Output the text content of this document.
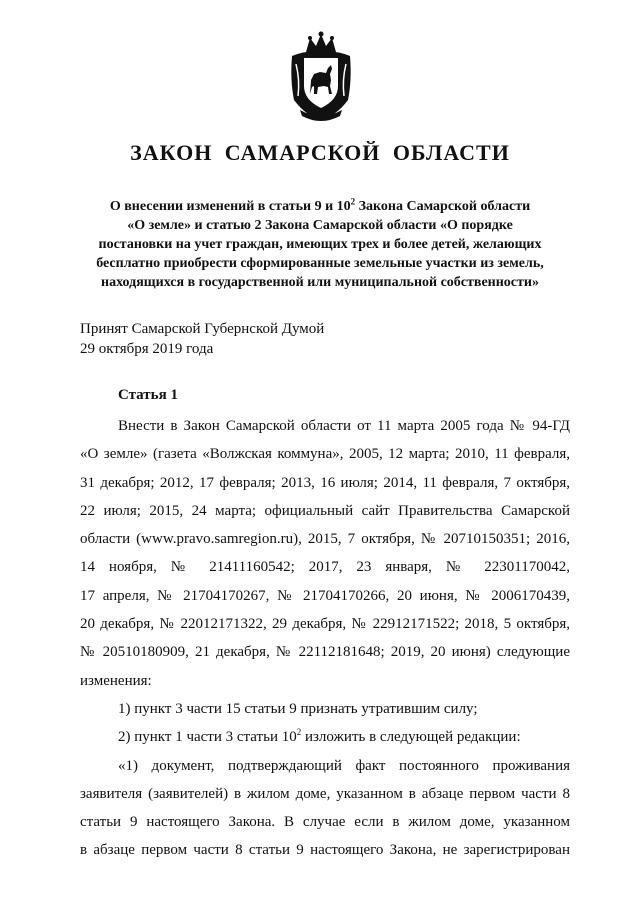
ЗАКОН САМАРСКОЙ ОБЛАСТИ
О внесении изменений в статьи 9 и $10^2$ Закона Самарской области
«О земле» и статью 2 Закона Самарской области «О порядке
постановки на учет граждан, имеющих трех и более детей, желающих
бесплатно приобрести сформированные земельные участки из земель,
находящихся в государственной или муниципальной собственности»
Принят Самарской Губернской Думой
29 октября 2019 года
Статья 1
Внести в Закон Самарской области от 11 марта 2005 года № 94-ГД
«О земле» (газета «Волжская коммуна», 2005, 12 марта; 2010, 11 февраля,
31 декабря; 2012, 17 февраля; 2013, 16 июля; 2014, 11 февраля, 7 октября,
22 июля; 2015, 24 марта; официальный сайт Правительства Самарской
области (www.pravo.samregion.ru), 2015, 7 октября, № 20710150351; 2016,
14 ноября, № 21411160542; 2017, 23 января, № 22301170042,
17 апреля, № 21704170267, № 21704170266, 20 июня, № 2006170439,
20 декабря, № 22012171322, 29 декабря, № 22912171522; 2018, 5 октября,
№ 20510180909, 21 декабря, № 22112181648; 2019, 20 июня) следующие
изменения:
1) пункт 3 части 15 статьи 9 признать утратившим силу;
2) пункт 1 части 3 статьи $10^2$ изложить в следующей редакции:
«1) документ, подтверждающий факт постоянного проживания
заявителя (заявителей) в жилом доме, указанном в абзаце первом части 8
статьи 9 настоящего Закона. В случае если в жилом доме, указанном
в абзаце первом части 8 статьи 9 настоящего Закона, не зарегистрирован
